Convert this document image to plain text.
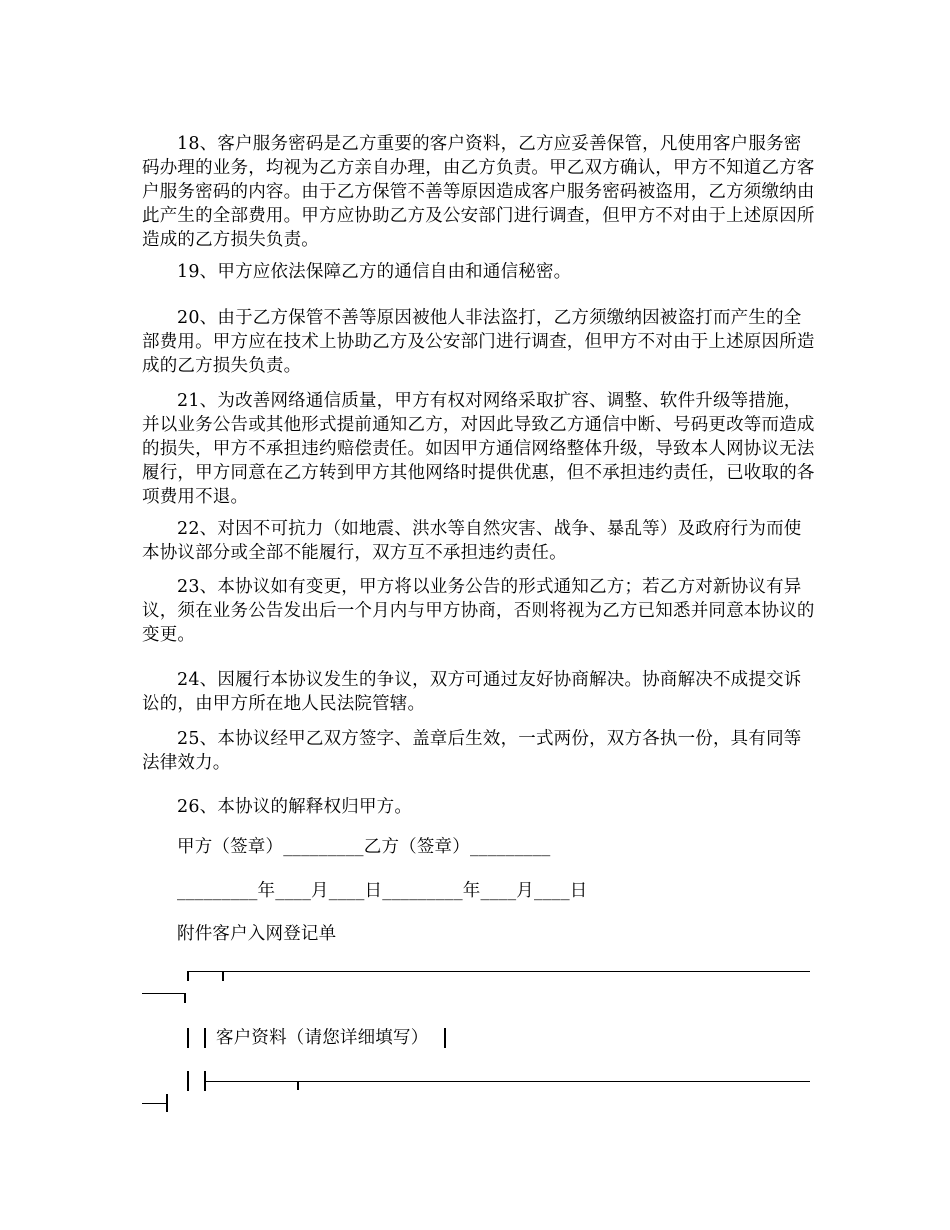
18、客户服务密码是乙方重要的客户资料，乙方应妥善保管，凡使用客户服务密码办理的业务，均视为乙方亲自办理，由乙方负责。甲乙双方确认，甲方不知道乙方客户服务密码的内容。由于乙方保管不善等原因造成客户服务密码被盗用，乙方须缴纳由此产生的全部费用。甲方应协助乙方及公安部门进行调查，但甲方不对由于上述原因所造成的乙方损失负责。

19、甲方应依法保障乙方的通信自由和通信秘密。

20、由于乙方保管不善等原因被他人非法盗打，乙方须缴纳因被盗打而产生的全部费用。甲方应在技术上协助乙方及公安部门进行调查，但甲方不对由于上述原因所造成的乙方损失负责。

21、为改善网络通信质量，甲方有权对网络采取扩容、调整、软件升级等措施，并以业务公告或其他形式提前通知乙方，对因此导致乙方通信中断、号码更改等而造成的损失，甲方不承担违约赔偿责任。如因甲方通信网络整体升级，导致本人网协议无法履行，甲方同意在乙方转到甲方其他网络时提供优惠，但不承担违约责任，已收取的各项费用不退。

22、对因不可抗力（如地震、洪水等自然灾害、战争、暴乱等）及政府行为而使本协议部分或全部不能履行，双方互不承担违约责任。

23、本协议如有变更，甲方将以业务公告的形式通知乙方；若乙方对新协议有异议，须在业务公告发出后一个月内与甲方协商，否则将视为乙方已知悉并同意本协议的变更。

24、因履行本协议发生的争议，双方可通过友好协商解决。协商解决不成提交诉讼的，由甲方所在地人民法院管辖。

25、本协议经甲乙双方签字、盖章后生效，一式两份，双方各执一份，具有同等法律效力。

26、本协议的解释权归甲方。

甲方（签章）_________乙方（签章）_________

_________年____月____日_________年____月____日

附件客户入网登记单

客户资料（请您详细填写）
